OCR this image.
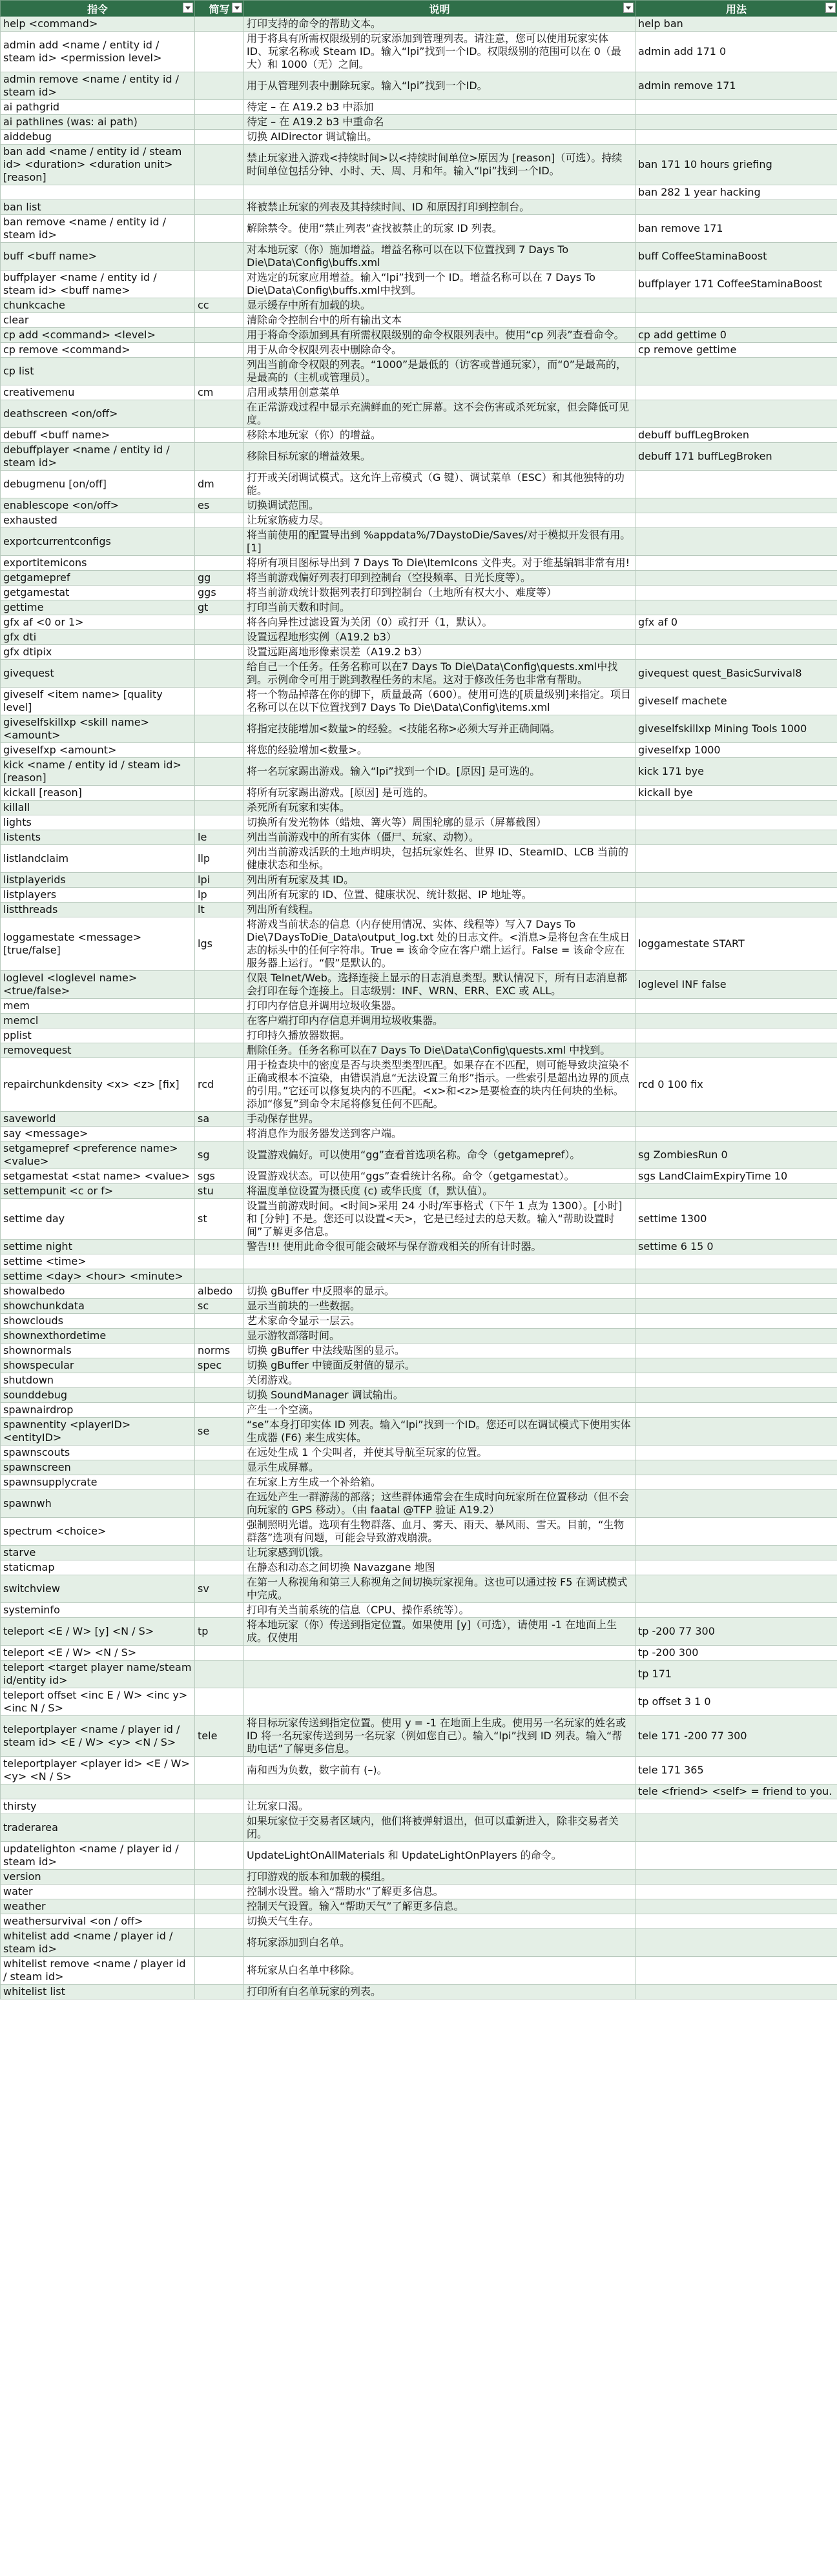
指令	简写	说明	用法

help <command>		打印支持的命令的帮助文本。	help ban
admin add <name / entity id / steam id> <permission level>		用于将具有所需权限级别的玩家添加到管理列表。请注意，您可以使用玩家实体 ID、玩家名称或 Steam ID。输入“lpi”找到一个ID。权限级别的范围可以在 0（最大）和 1000（无）之间。	admin add 171 0
admin remove <name / entity id / steam id>		用于从管理列表中删除玩家。输入“lpi”找到一个ID。	admin remove 171
ai pathgrid		待定 – 在 A19.2 b3 中添加	
ai pathlines (was: ai path)		待定 – 在 A19.2 b3 中重命名	
aiddebug		切换 AIDirector 调试输出。	
ban add <name / entity id / steam id> <duration> <duration unit> [reason]		禁止玩家进入游戏<持续时间>以<持续时间单位>原因为 [reason]（可选）。持续时间单位包括分钟、小时、天、周、月和年。输入“lpi”找到一个ID。	ban 171 10 hours griefing
			ban 282 1 year hacking
ban list		将被禁止玩家的列表及其持续时间、ID 和原因打印到控制台。	
ban remove <name / entity id / steam id>		解除禁令。使用“禁止列表”查找被禁止的玩家 ID 列表。	ban remove 171
buff <buff name>		对本地玩家（你）施加增益。增益名称可以在以下位置找到 7 Days To Die\Data\Config\buffs.xml	buff CoffeeStaminaBoost
buffplayer <name / entity id / steam id> <buff name>		对选定的玩家应用增益。输入“lpi”找到一个 ID。增益名称可以在 7 Days To Die\Data\Config\buffs.xml中找到。	buffplayer 171 CoffeeStaminaBoost
chunkcache	cc	显示缓存中所有加载的块。	
clear		清除命令控制台中的所有输出文本	
cp add <command> <level>		用于将命令添加到具有所需权限级别的命令权限列表中。使用“cp 列表”查看命令。	cp add gettime 0
cp remove <command>		用于从命令权限列表中删除命令。	cp remove gettime
cp list		列出当前命令权限的列表。“1000”是最低的（访客或普通玩家），而“0”是最高的，是最高的（主机或管理员）。	
creativemenu	cm	启用或禁用创意菜单	
deathscreen <on/off>		在正常游戏过程中显示充满鲜血的死亡屏幕。这不会伤害或杀死玩家，但会降低可见度。	
debuff <buff name>		移除本地玩家（你）的增益。	debuff buffLegBroken
debuffplayer <name / entity id / steam id>		移除目标玩家的增益效果。	debuff 171 buffLegBroken
debugmenu [on/off]	dm	打开或关闭调试模式。这允许上帝模式（G 键）、调试菜单（ESC）和其他独特的功能。	
enablescope <on/off>	es	切换调试范围。	
exhausted		让玩家筋疲力尽。	
exportcurrentconfigs		将当前使用的配置导出到 %appdata%/7DaystoDie/Saves/对于模拟开发很有用。[1]	
exportitemicons		将所有项目图标导出到 7 Days To Die\ItemIcons 文件夹。对于维基编辑非常有用!	
getgamepref	gg	将当前游戏偏好列表打印到控制台（空投频率、日光长度等）。	
getgamestat	ggs	将当前游戏统计数据列表打印到控制台（土地所有权大小、难度等）	
gettime	gt	打印当前天数和时间。	
gfx af <0 or 1>		将各向异性过滤设置为关闭（0）或打开（1，默认）。	gfx af 0
gfx dti		设置远程地形实例（A19.2 b3）	
gfx dtipix		设置远距离地形像素误差（A19.2 b3）	
givequest		给自己一个任务。任务名称可以在7 Days To Die\Data\Config\quests.xml中找到。示例命令可用于跳到教程任务的末尾。这对于修改任务也非常有帮助。	givequest quest_BasicSurvival8
giveself <item name> [quality level]		将一个物品掉落在你的脚下，质量最高（600）。使用可选的[质量级别]来指定。项目名称可以在以下位置找到7 Days To Die\Data\Config\items.xml	giveself machete
giveselfskillxp <skill name> <amount>		将指定技能增加<数量>的经验。<技能名称>必须大写并正确间隔。	giveselfskillxp Mining Tools 1000
giveselfxp <amount>		将您的经验增加<数量>。	giveselfxp 1000
kick <name / entity id / steam id> [reason]		将一名玩家踢出游戏。输入“lpi”找到一个ID。[原因] 是可选的。	kick 171 bye
kickall [reason]		将所有玩家踢出游戏。[原因] 是可选的。	kickall bye
killall		杀死所有玩家和实体。	
lights		切换所有发光物体（蜡烛、篝火等）周围轮廓的显示（屏幕截图）	
listents	le	列出当前游戏中的所有实体（僵尸、玩家、动物）。	
listlandclaim	llp	列出当前游戏活跃的土地声明块，包括玩家姓名、世界 ID、SteamID、LCB 当前的健康状态和坐标。	
listplayerids	lpi	列出所有玩家及其 ID。	
listplayers	lp	列出所有玩家的 ID、位置、健康状况、统计数据、IP 地址等。	
listthreads	lt	列出所有线程。	
loggamestate <message> [true/false]	lgs	将游戏当前状态的信息（内存使用情况、实体、线程等）写入7 Days To Die\7DaysToDie_Data\output_log.txt 处的日志文件。<消息>是将包含在生成日志的标头中的任何字符串。True = 该命令应在客户端上运行。False = 该命令应在服务器上运行。“假”是默认的。	loggamestate START
loglevel <loglevel name> <true/false>		仅限 Telnet/Web。选择连接上显示的日志消息类型。默认情况下，所有日志消息都会打印在每个连接上。日志级别：INF、WRN、ERR、EXC 或 ALL。	loglevel INF false
mem		打印内存信息并调用垃圾收集器。	
memcl		在客户端打印内存信息并调用垃圾收集器。	
pplist		打印持久播放器数据。	
removequest		删除任务。任务名称可以在7 Days To Die\Data\Config\quests.xml 中找到。	
repairchunkdensity <x> <z> [fix]	rcd	用于检查块中的密度是否与块类型类型匹配。如果存在不匹配，则可能导致块渲染不正确或根本不渲染，由错误消息“无法设置三角形”指示。一些索引是超出边界的顶点的引用。”它还可以修复块内的不匹配。<x>和<z>是要检查的块内任何块的坐标。添加“修复”到命令末尾将修复任何不匹配。	rcd 0 100 fix
saveworld	sa	手动保存世界。	
say <message>		将消息作为服务器发送到客户端。	
setgamepref <preference name> <value>	sg	设置游戏偏好。可以使用“gg”查看首选项名称。命令（getgamepref）。	sg ZombiesRun 0
setgamestat <stat name> <value>	sgs	设置游戏状态。可以使用“ggs”查看统计名称。命令（getgamestat）。	sgs LandClaimExpiryTime 10
settempunit <c or f>	stu	将温度单位设置为摄氏度 (c) 或华氏度（f，默认值）。	
settime day	st	设置当前游戏时间。<时间>采用 24 小时/军事格式（下午 1 点为 1300）。[小时] 和 [分钟] 不是。您还可以设置<天>，它是已经过去的总天数。输入“帮助设置时间”了解更多信息。	settime 1300
settime night		警告!!! 使用此命令很可能会破坏与保存游戏相关的所有计时器。	settime 6 15 0
settime <time>			
settime <day> <hour> <minute>			
showalbedo	albedo	切换 gBuffer 中反照率的显示。	
showchunkdata	sc	显示当前块的一些数据。	
showclouds		艺术家命令显示一层云。	
shownexthordetime		显示游牧部落时间。	
shownormals	norms	切换 gBuffer 中法线贴图的显示。	
showspecular	spec	切换 gBuffer 中镜面反射值的显示。	
shutdown		关闭游戏。	
sounddebug		切换 SoundManager 调试输出。	
spawnairdrop		产生一个空滴。	
spawnentity <playerID> <entityID>	se	“se”本身打印实体 ID 列表。输入“lpi”找到一个ID。您还可以在调试模式下使用实体生成器 (F6) 来生成实体。	
spawnscouts		在远处生成 1 个尖叫者，并使其导航至玩家的位置。	
spawnscreen		显示生成屏幕。	
spawnsupplycrate		在玩家上方生成一个补给箱。	
spawnwh		在远处产生一群游荡的部落；这些群体通常会在生成时向玩家所在位置移动（但不会向玩家的 GPS 移动）。（由 faatal @TFP 验证 A19.2）	
spectrum <choice>		强制照明光谱。选项有生物群落、血月、雾天、雨天、暴风雨、雪天。目前，“生物群落”选项有问题，可能会导致游戏崩溃。	
starve		让玩家感到饥饿。	
staticmap		在静态和动态之间切换 Navazgane 地图	
switchview	sv	在第一人称视角和第三人称视角之间切换玩家视角。这也可以通过按 F5 在调试模式中完成。	
systeminfo		打印有关当前系统的信息（CPU、操作系统等）。	
teleport <E / W> [y] <N / S>	tp	将本地玩家（你）传送到指定位置。如果使用 [y]（可选），请使用 -1 在地面上生成。仅使用	tp -200 77 300
teleport <E / W> <N / S>			tp -200 300
teleport <target player name/steam id/entity id>			tp 171
teleport offset <inc E / W> <inc y> <inc N / S>			tp offset 3 1 0
teleportplayer <name / player id / steam id> <E / W> <y> <N / S>	tele	将目标玩家传送到指定位置。使用 y = -1 在地面上生成。使用另一名玩家的姓名或 ID 将一名玩家传送到另一名玩家（例如您自己）。输入“lpi”找到 ID 列表。输入“帮助电话”了解更多信息。	tele 171 -200 77 300
teleportplayer <player id> <E / W> <y> <N / S>		南和西为负数，数字前有 (–)。	tele 171 365
			tele <friend> <self> = friend to you.
thirsty		让玩家口渴。	
traderarea		如果玩家位于交易者区域内，他们将被弹射退出，但可以重新进入，除非交易者关闭。	
updatelighton <name / player id / steam id>		UpdateLightOnAllMaterials 和 UpdateLightOnPlayers 的命令。	
version		打印游戏的版本和加载的模组。	
water		控制水设置。输入“帮助水”了解更多信息。	
weather		控制天气设置。输入“帮助天气”了解更多信息。	
weathersurvival <on / off>		切换天气生存。	
whitelist add <name / player id / steam id>		将玩家添加到白名单。	
whitelist remove <name / player id / steam id>		将玩家从白名单中移除。	
whitelist list		打印所有白名单玩家的列表。	
